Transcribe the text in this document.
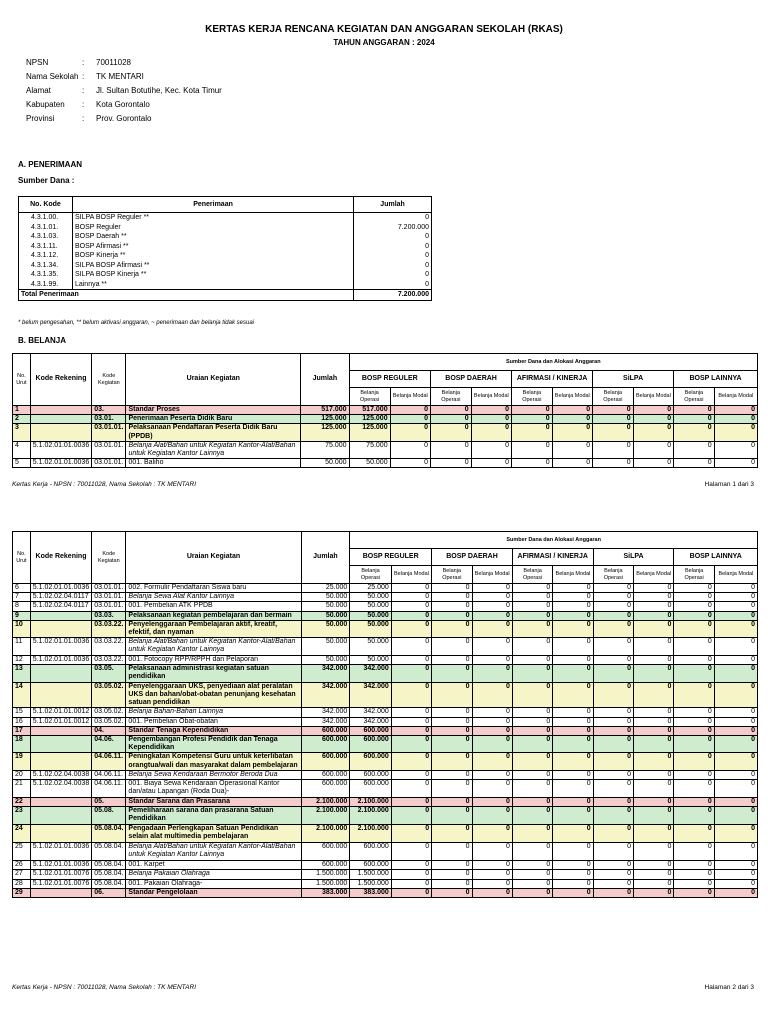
KERTAS KERJA RENCANA KEGIATAN DAN ANGGARAN SEKOLAH (RKAS)
TAHUN ANGGARAN : 2024
NPSN	:	70011028
Nama Sekolah :	TK MENTARI
Alamat	:	Jl. Sultan Botutihe, Kec. Kota Timur
Kabupaten	:	Kota Gorontalo
Provinsi	:	Prov. Gorontalo
A. PENERIMAAN
Sumber Dana :
No. Kode	Penerimaan	Jumlah
4.3.1.00.	SILPA BOSP Reguler **	0
4.3.1.01.	BOSP Reguler	7.200.000
4.3.1.03.	BOSP Daerah **	0
4.3.1.11.	BOSP Afirmasi **	0
4.3.1.12.	BOSP Kinerja **	0
4.3.1.34.	SILPA BOSP Afirmasi **	0
4.3.1.35.	SILPA BOSP Kinerja **	0
4.3.1.99.	Lainnya **	0
Total Penerimaan		7.200.000
* belum pengesahan, ** belum aktivasi anggaran, ~ penerimaan dan belanja tidak sesuai
B. BELANJA
No. Urut	Kode Rekening	Kode Kegiatan	Uraian Kegiatan	Jumlah	Sumber Dana dan Alokasi Anggaran									
					BOSP REGULER		BOSP DAERAH		AFIRMASI / KINERJA		SiLPA		BOSP LAINNYA	
					Belanja Operasi	Belanja Modal	Belanja Operasi	Belanja Modal	Belanja Operasi	Belanja Modal	Belanja Operasi	Belanja Modal	Belanja Operasi	Belanja Modal
1		03.	Standar Proses	517.000	517.000	0	0	0	0	0	0	0	0	0
2		03.01.	Penerimaan Peserta Didik Baru	125.000	125.000	0	0	0	0	0	0	0	0	0
3		03.01.01.	Pelaksanaan Pendaftaran Peserta Didik Baru (PPDB)	125.000	125.000	0	0	0	0	0	0	0	0	0
4	5.1.02.01.01.0036	03.01.01.	Belanja Alat/Bahan untuk Kegiatan Kantor-Alat/Bahan untuk Kegiatan Kantor Lainnya	75.000	75.000	0	0	0	0	0	0	0	0	0
5	5.1.02.01.01.0036	03.01.01.	001. Baliho	50.000	50.000	0	0	0	0	0	0	0	0	0
Kertas Kerja - NPSN : 70011028, Nama Sekolah : TK MENTARI	Halaman 1 dari 3
No. Urut	Kode Rekening	Kode Kegiatan	Uraian Kegiatan	Jumlah	Sumber Dana dan Alokasi Anggaran									
					BOSP REGULER		BOSP DAERAH		AFIRMASI / KINERJA		SiLPA		BOSP LAINNYA	
					Belanja Operasi	Belanja Modal	Belanja Operasi	Belanja Modal	Belanja Operasi	Belanja Modal	Belanja Operasi	Belanja Modal	Belanja Operasi	Belanja Modal
6	5.1.02.01.01.0036	03.01.01.	002. Formulir Pendaftaran Siswa baru	25.000	25.000	0	0	0	0	0	0	0	0	0
7	5.1.02.02.04.0117	03.01.01.	Belanja Sewa Alat Kantor Lainnya	50.000	50.000	0	0	0	0	0	0	0	0	0
8	5.1.02.02.04.0117	03.01.01.	001. Pembelian ATK PPDB	50.000	50.000	0	0	0	0	0	0	0	0	0
9		03.03.	Pelaksanaan kegiatan pembelajaran dan bermain	50.000	50.000	0	0	0	0	0	0	0	0	0
10		03.03.22.	Penyelenggaraan Pembelajaran aktif, kreatif, efektif, dan nyaman	50.000	50.000	0	0	0	0	0	0	0	0	0
11	5.1.02.01.01.0036	03.03.22.	Belanja Alat/Bahan untuk Kegiatan Kantor-Alat/Bahan untuk Kegiatan Kantor Lainnya	50.000	50.000	0	0	0	0	0	0	0	0	0
12	5.1.02.01.01.0036	03.03.22.	001. Fotocopy RPP/RPPH dan Pelaporan	50.000	50.000	0	0	0	0	0	0	0	0	0
13		03.05.	Pelaksanaan administrasi kegiatan satuan pendidikan	342.000	342.000	0	0	0	0	0	0	0	0	0
14		03.05.02.	Penyelenggaraan UKS, penyediaan alat peralatan UKS dan bahan/obat-obatan penunjang kesehatan satuan pendidikan	342.000	342.000	0	0	0	0	0	0	0	0	0
15	5.1.02.01.01.0012	03.05.02.	Belanja Bahan-Bahan Lainnya	342.000	342.000	0	0	0	0	0	0	0	0	0
16	5.1.02.01.01.0012	03.05.02.	001. Pembelian Obat-obatan	342.000	342.000	0	0	0	0	0	0	0	0	0
17		04.	Standar Tenaga Kependidikan	600.000	600.000	0	0	0	0	0	0	0	0	0
18		04.06.	Pengembangan Profesi Pendidik dan Tenaga Kependidikan	600.000	600.000	0	0	0	0	0	0	0	0	0
19		04.06.11.	Peningkatan Kompetensi Guru untuk keterlibatan orangtua/wali dan masyarakat dalam pembelajaran	600.000	600.000	0	0	0	0	0	0	0	0	0
20	5.1.02.02.04.0038	04.06.11.	Belanja Sewa Kendaraan Bermotor Beroda Dua	600.000	600.000	0	0	0	0	0	0	0	0	0
21	5.1.02.02.04.0038	04.06.11.	001. Biaya Sewa Kendaraan Operasional Kantor dan/atau Lapangan (Roda Dua)-	600.000	600.000	0	0	0	0	0	0	0	0	0
22		05.	Standar Sarana dan Prasarana	2.100.000	2.100.000	0	0	0	0	0	0	0	0	0
23		05.08.	Pemeliharaan sarana dan prasarana Satuan Pendidikan	2.100.000	2.100.000	0	0	0	0	0	0	0	0	0
24		05.08.04.	Pengadaan Perlengkapan Satuan Pendidikan selain alat multimedia pembelajaran	2.100.000	2.100.000	0	0	0	0	0	0	0	0	0
25	5.1.02.01.01.0036	05.08.04.	Belanja Alat/Bahan untuk Kegiatan Kantor-Alat/Bahan untuk Kegiatan Kantor Lainnya	600.000	600.000	0	0	0	0	0	0	0	0	0
26	5.1.02.01.01.0036	05.08.04.	001. Karpet	600.000	600.000	0	0	0	0	0	0	0	0	0
27	5.1.02.01.01.0076	05.08.04.	Belanja Pakaian Olahraga	1.500.000	1.500.000	0	0	0	0	0	0	0	0	0
28	5.1.02.01.01.0076	05.08.04.	001. Pakaian Olahraga-	1.500.000	1.500.000	0	0	0	0	0	0	0	0	0
29		06.	Standar Pengelolaan	383.000	383.000	0	0	0	0	0	0	0	0	0
Kertas Kerja - NPSN : 70011028, Nama Sekolah : TK MENTARI	Halaman 2 dari 3
